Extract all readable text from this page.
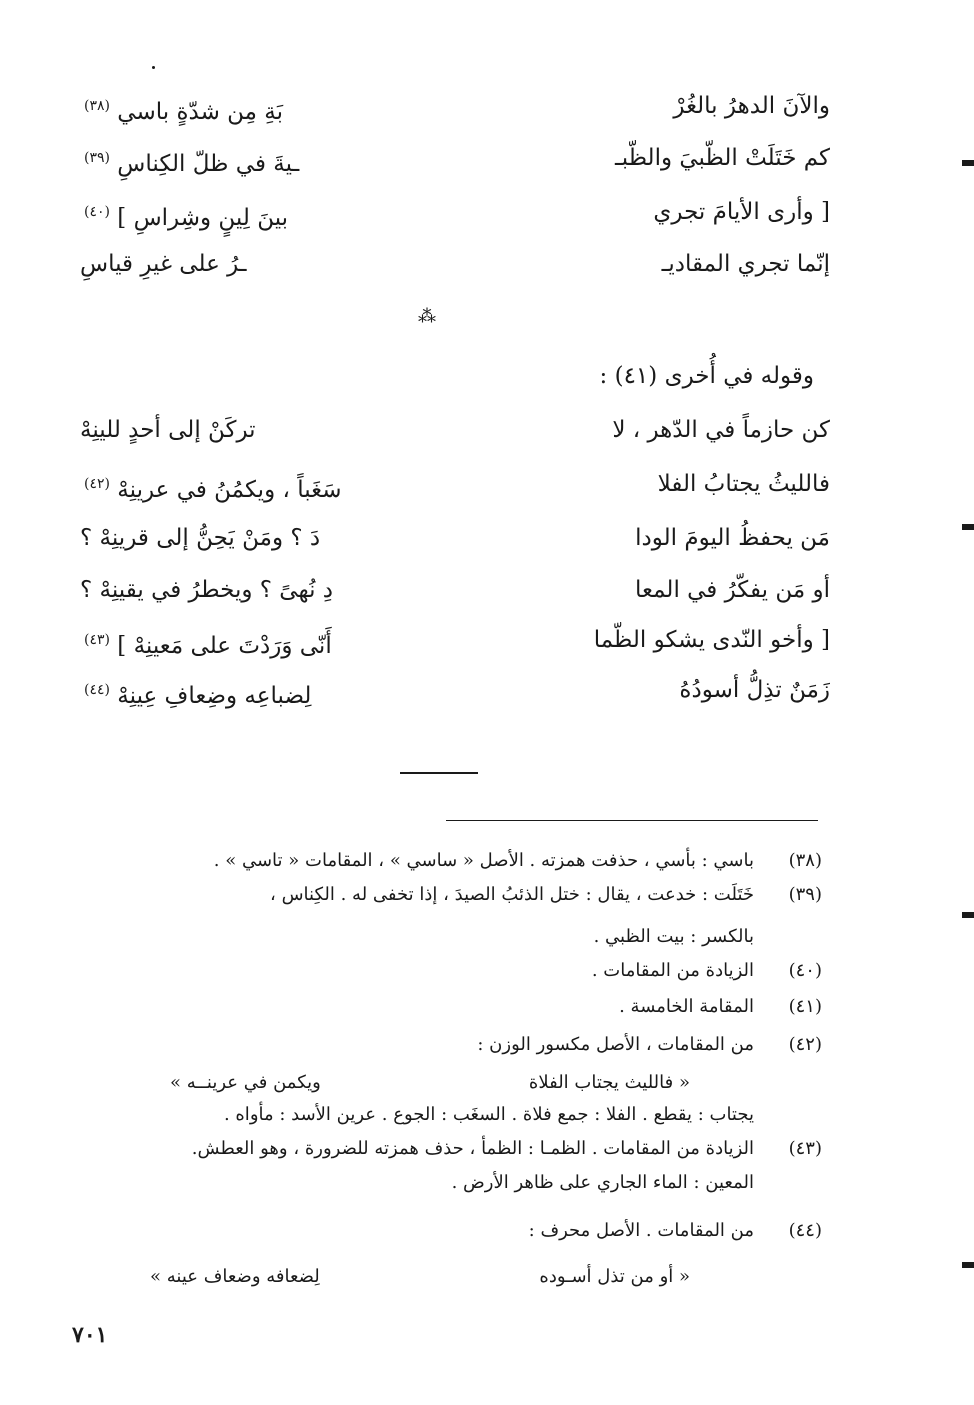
والآنَ الدهرُ بالغُرْ
بَةِ مِن شدّةٍ باسي $^{(٣٨)}$
كم خَتَلَتْ الظّبيَ والظّبـ
ـيةَ في ظلّ الكِناسِ $^{(٣٩)}$
[ وأرى الأيامَ تجري
بينَ لِينٍ وشِراسِ ] $^{(٤٠)}$
إنّما تجري المقاديـ
ـرُ على غيرِ قياسِ
⁂
وقوله في أُخرى (٤١) :
كن حازماً في الدّهر ، لا
تركَنْ إلى أحدٍ للينِهْ
فالليثُ يجتابُ الفلا
سَغَباً ، ويكمُنُ في عرينِهْ $^{(٤٢)}$
مَن يحفظُ اليومَ الودا
دَ ؟ ومَنْ يَحِنُّ إلى قرينِهْ ؟
أو مَن يفكّرُ في المعا
دِ نُهىً ؟ ويخطرُ في يقينِهْ ؟
[ وأخو النّدى يشكو الظّما
أَنّى وَرَدْتَ على مَعينِهْ ] $^{(٤٣)}$
زَمَنٌ تذِلُّ أسودُهُ
لِضباعِه وضِعافِ عِينِهْ $^{(٤٤)}$
(٣٨)
باسي : بأسي ، حذفت همزته . الأصل « ساسي » ، المقامات « تاسي » .
(٣٩)
خَتَلَت : خدعت ، يقال : ختل الذئبُ الصيدَ ، إذا تخفى له . الكِناس ،
بالكسر : بيت الظبي .
(٤٠)
الزيادة من المقامات .
(٤١)
المقامة الخامسة .
(٤٢)
من المقامات ، الأصل مكسور الوزن :
« فالليث يجتاب الفلاة
ويكمن في عرينــه »
يجتاب : يقطع . الفلا : جمع فلاة . السغَب : الجوع . عرين الأسد : مأواه .
(٤٣)
الزيادة من المقامات . الظمـا : الظمأ ، حذف همزته للضرورة ، وهو العطش.
المعين : الماء الجاري على ظاهر الأرض .
(٤٤)
من المقامات . الأصل محرف :
« أو من تذل أسـوده
لِضعافه وضعاف عينه »
٧٠١
